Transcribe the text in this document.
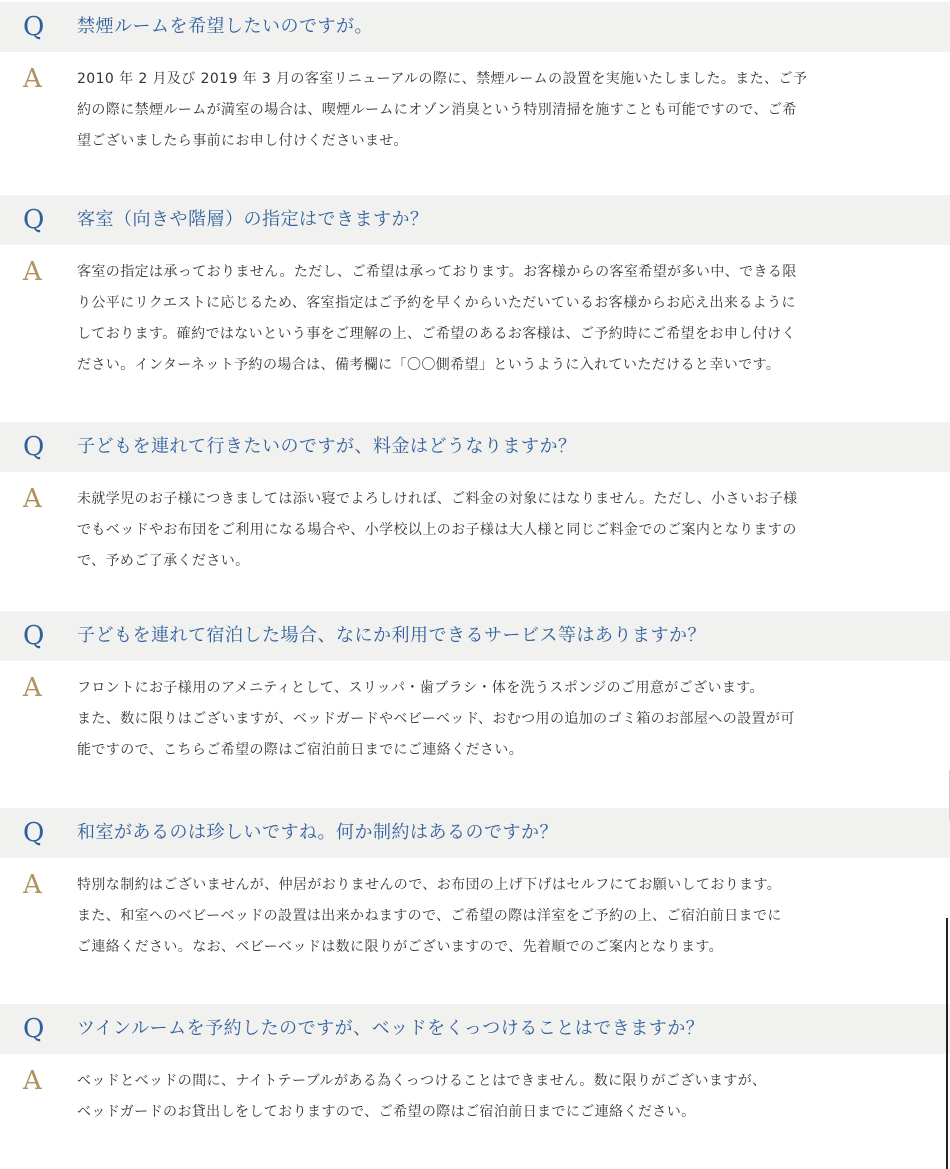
Q 禁煙ルームを希望したいのですが。
A	2010 年 2 月及び 2019 年 3 月の客室リニューアルの際に、禁煙ルームの設置を実施いたしました。また、ご予
約の際に禁煙ルームが満室の場合は、喫煙ルームにオゾン消臭という特別清掃を施すことも可能ですので、ご希
望ございましたら事前にお申し付けくださいませ。
Q 客室（向きや階層）の指定はできますか？
A	客室の指定は承っておりません。ただし、ご希望は承っております。お客様からの客室希望が多い中、できる限
り公平にリクエストに応じるため、客室指定はご予約を早くからいただいているお客様からお応え出来るように
しております。確約ではないという事をご理解の上、ご希望のあるお客様は、ご予約時にご希望をお申し付けく
ださい。インターネット予約の場合は、備考欄に「〇〇側希望」というように入れていただけると幸いです。
Q 子どもを連れて行きたいのですが、料金はどうなりますか？
A	未就学児のお子様につきましては添い寝でよろしければ、ご料金の対象にはなりません。ただし、小さいお子様
でもベッドやお布団をご利用になる場合や、小学校以上のお子様は大人様と同じご料金でのご案内となりますの
で、予めご了承ください。
Q 子どもを連れて宿泊した場合、なにか利用できるサービス等はありますか？
A	フロントにお子様用のアメニティとして、スリッパ・歯ブラシ・体を洗うスポンジのご用意がございます。
また、数に限りはございますが、ベッドガードやベビーベッド、おむつ用の追加のゴミ箱のお部屋への設置が可
能ですので、こちらご希望の際はご宿泊前日までにご連絡ください。
Q 和室があるのは珍しいですね。何か制約はあるのですか？
A	特別な制約はございませんが、仲居がおりませんので、お布団の上げ下げはセルフにてお願いしております。
また、和室へのベビーベッドの設置は出来かねますので、ご希望の際は洋室をご予約の上、ご宿泊前日までに
ご連絡ください。なお、ベビーベッドは数に限りがございますので、先着順でのご案内となります。
Q ツインルームを予約したのですが、ベッドをくっつけることはできますか？
A	ベッドとベッドの間に、ナイトテーブルがある為くっつけることはできません。数に限りがございますが、
ベッドガードのお貸出しをしておりますので、ご希望の際はご宿泊前日までにご連絡ください。
